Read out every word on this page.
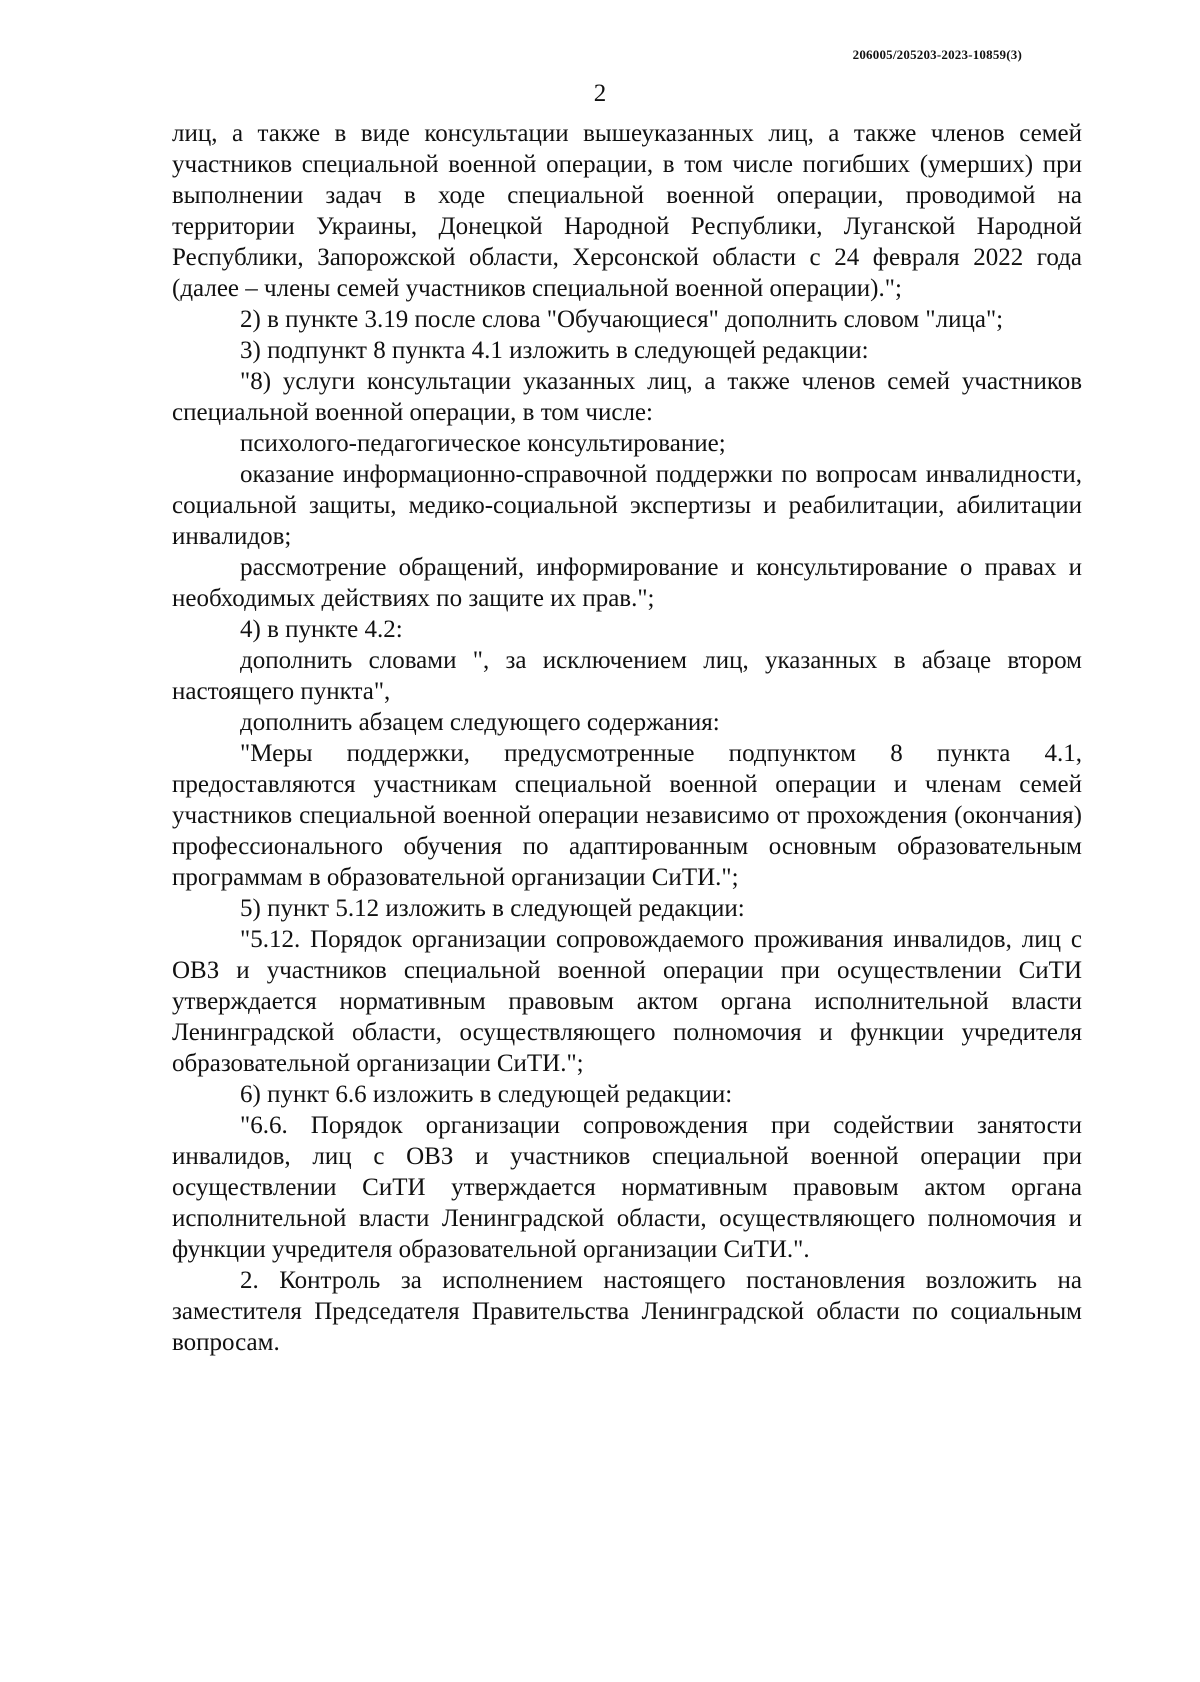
206005/205203-2023-10859(3)
2

лиц, а также в виде консультации вышеуказанных лиц, а также членов семей участников специальной военной операции, в том числе погибших (умерших) при выполнении задач в ходе специальной военной операции, проводимой на территории Украины, Донецкой Народной Республики, Луганской Народной Республики, Запорожской области, Херсонской области с 24 февраля 2022 года (далее – члены семей участников специальной военной операции).";

2) в пункте 3.19 после слова "Обучающиеся" дополнить словом "лица";

3) подпункт 8 пункта 4.1 изложить в следующей редакции:

"8) услуги консультации указанных лиц, а также членов семей участников специальной военной операции, в том числе:

психолого-педагогическое консультирование;

оказание информационно-справочной поддержки по вопросам инвалидности, социальной защиты, медико-социальной экспертизы и реабилитации, абилитации инвалидов;

рассмотрение обращений, информирование и консультирование о правах и необходимых действиях по защите их прав.";

4) в пункте 4.2:

дополнить словами ", за исключением лиц, указанных в абзаце втором настоящего пункта",

дополнить абзацем следующего содержания:

"Меры поддержки, предусмотренные подпунктом 8 пункта 4.1, предоставляются участникам специальной военной операции и членам семей участников специальной военной операции независимо от прохождения (окончания) профессионального обучения по адаптированным основным образовательным программам в образовательной организации СиТИ.";

5) пункт 5.12 изложить в следующей редакции:

"5.12. Порядок организации сопровождаемого проживания инвалидов, лиц с ОВЗ и участников специальной военной операции при осуществлении СиТИ утверждается нормативным правовым актом органа исполнительной власти Ленинградской области, осуществляющего полномочия и функции учредителя образовательной организации СиТИ.";

6) пункт 6.6 изложить в следующей редакции:

"6.6. Порядок организации сопровождения при содействии занятости инвалидов, лиц с ОВЗ и участников специальной военной операции при осуществлении СиТИ утверждается нормативным правовым актом органа исполнительной власти Ленинградской области, осуществляющего полномочия и функции учредителя образовательной организации СиТИ.".

2. Контроль за исполнением настоящего постановления возложить на заместителя Председателя Правительства Ленинградской области по социальным вопросам.
